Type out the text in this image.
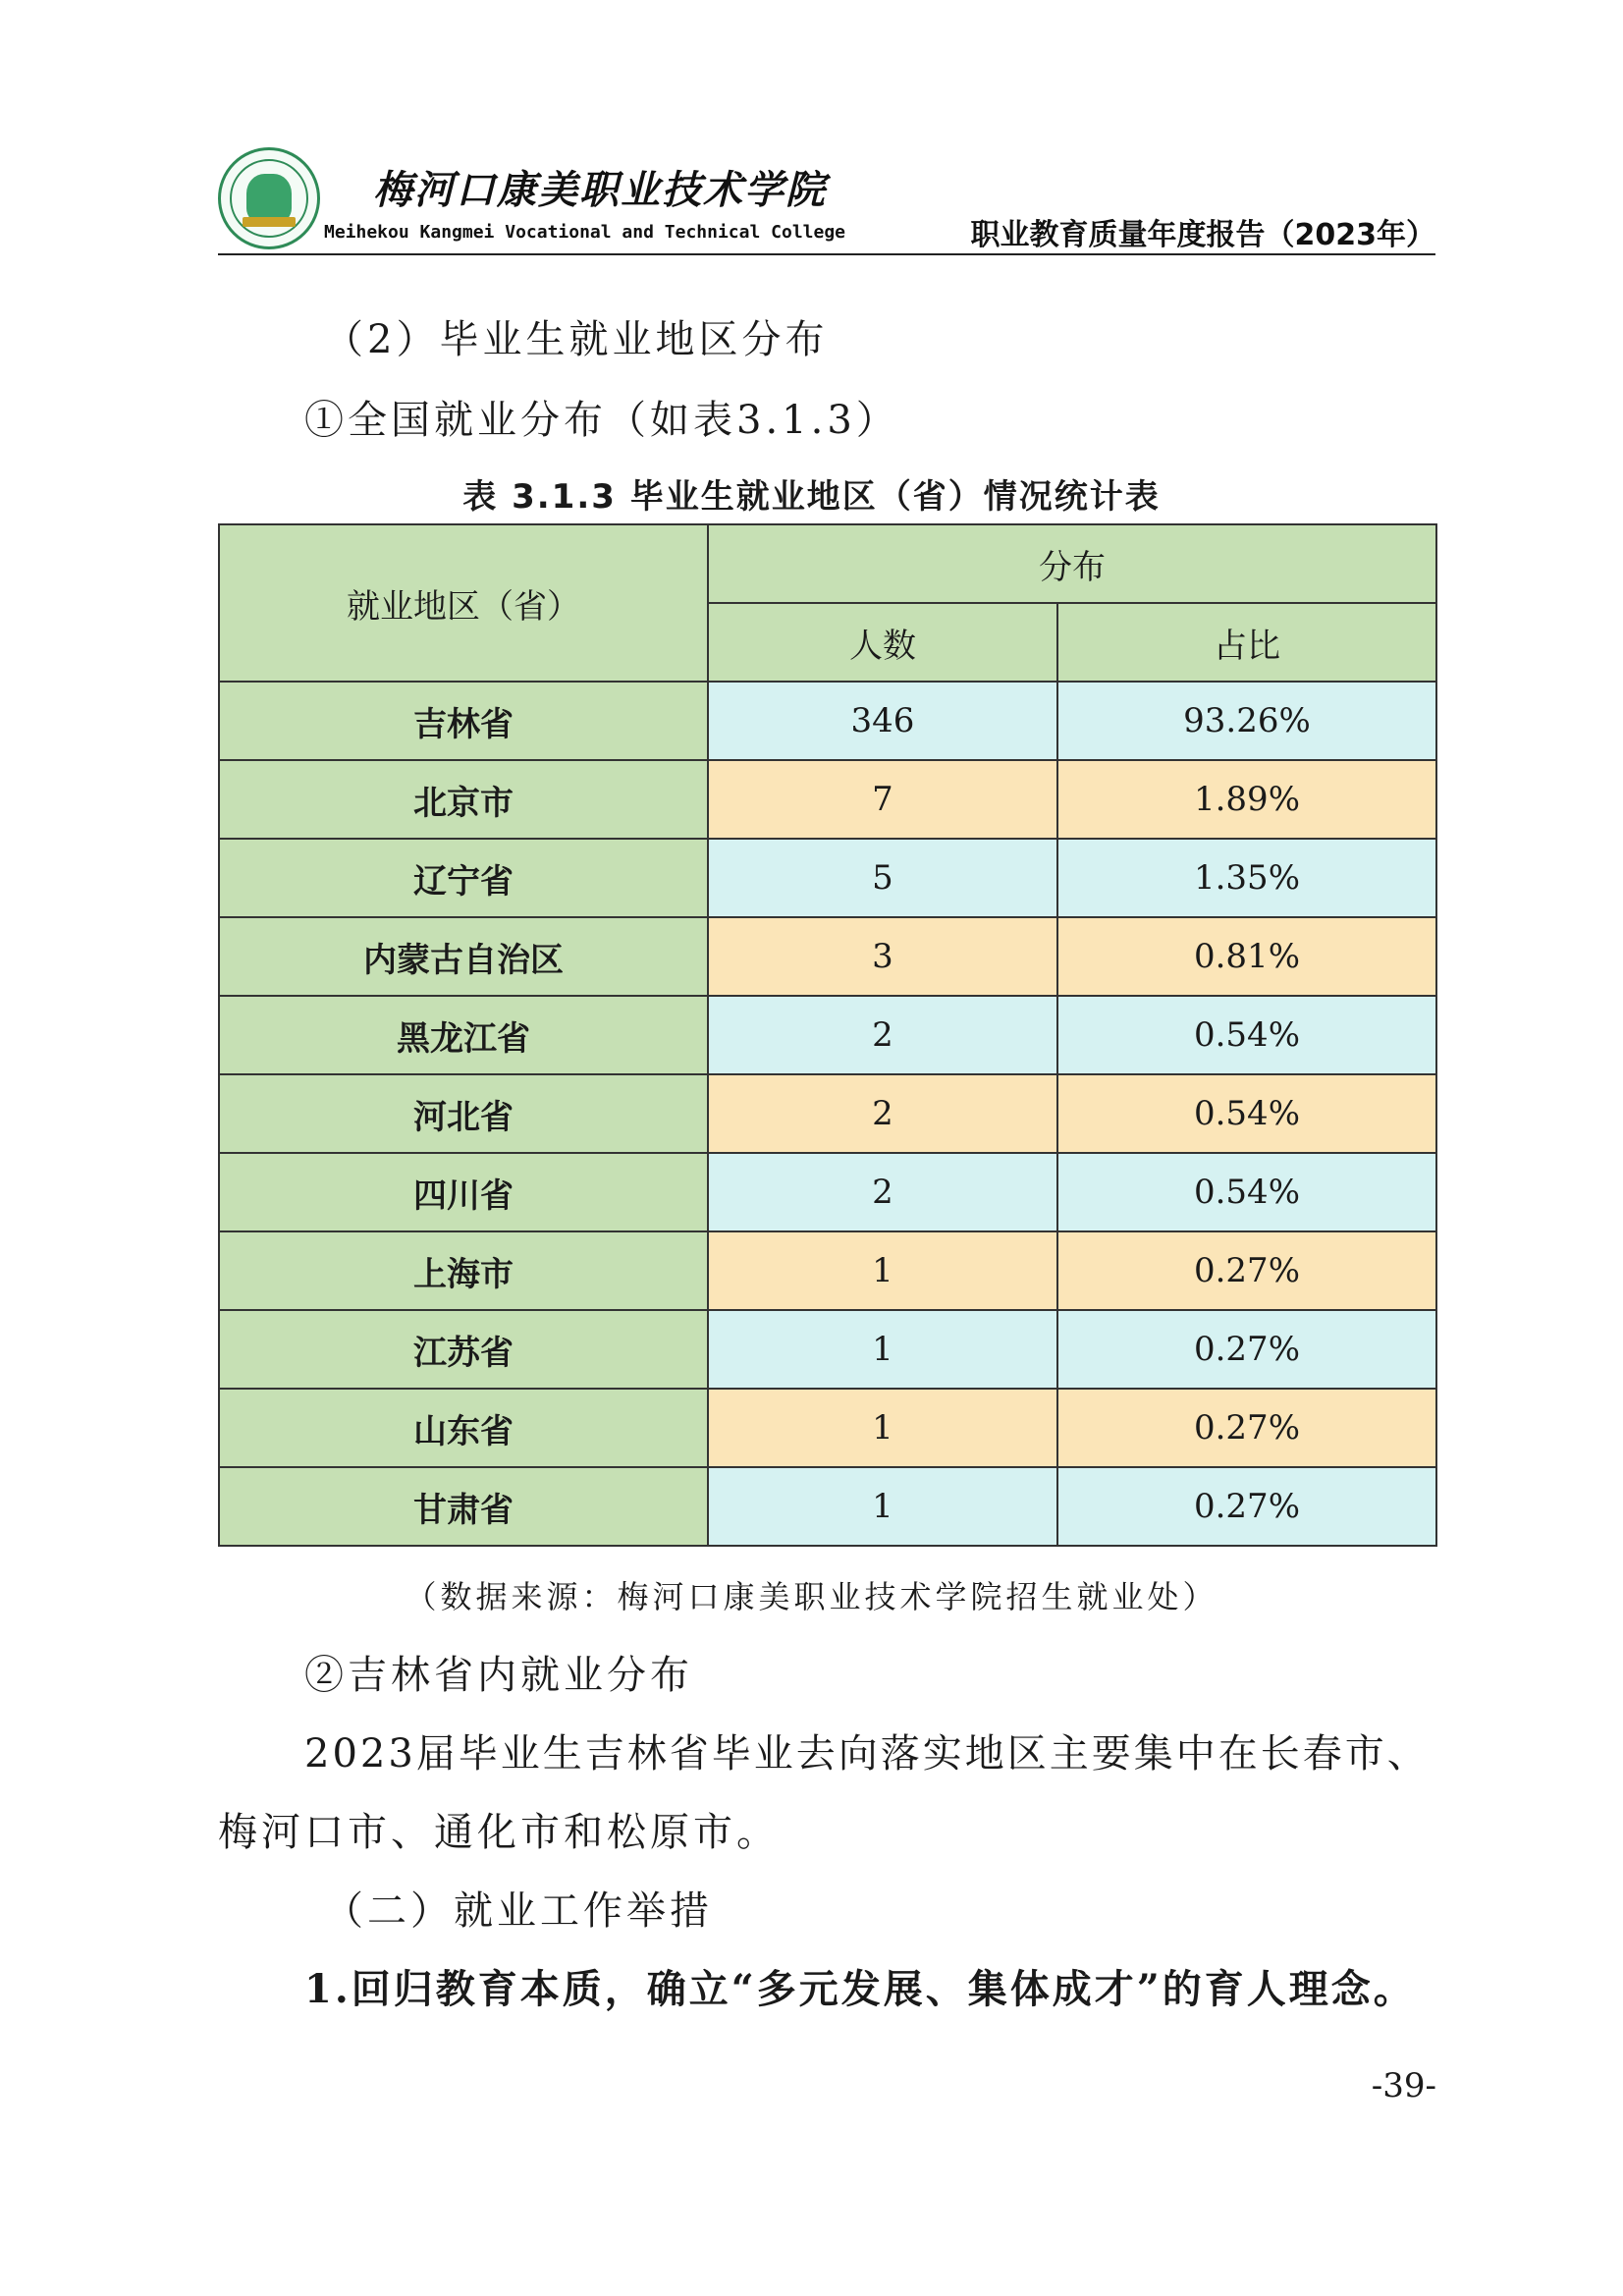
梅河口康美职业技术学院
Meihekou Kangmei Vocational and Technical College	职业教育质量年度报告（2023年）
（2）毕业生就业地区分布
①全国就业分布（如表3.1.3）
表 3.1.3 毕业生就业地区（省）情况统计表
就业地区（省）	分布	
	人数	占比
吉林省	346	93.26%
北京市	7	1.89%
辽宁省	5	1.35%
内蒙古自治区	3	0.81%
黑龙江省	2	0.54%
河北省	2	0.54%
四川省	2	0.54%
上海市	1	0.27%
江苏省	1	0.27%
山东省	1	0.27%
甘肃省	1	0.27%
（数据来源：梅河口康美职业技术学院招生就业处）
②吉林省内就业分布
2023届毕业生吉林省毕业去向落实地区主要集中在长春市、
梅河口市、通化市和松原市。
（二）就业工作举措
1.回归教育本质，确立“多元发展、集体成才”的育人理念。
-39-
